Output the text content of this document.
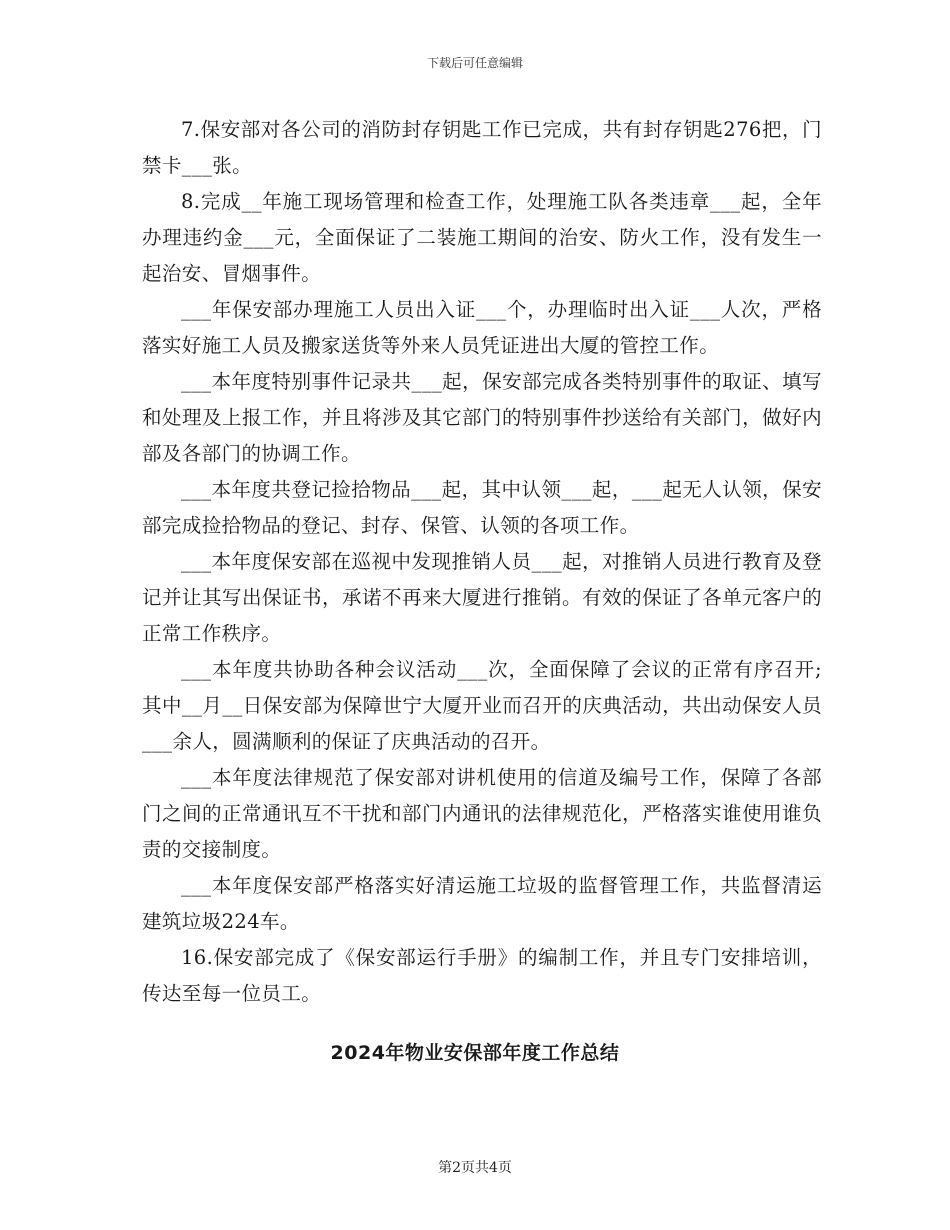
下载后可任意编辑

7.保安部对各公司的消防封存钥匙工作已完成，共有封存钥匙276把，门禁卡___张。

8.完成__年施工现场管理和检查工作，处理施工队各类违章___起，全年办理违约金___元，全面保证了二装施工期间的治安、防火工作，没有发生一起治安、冒烟事件。

___年保安部办理施工人员出入证___个，办理临时出入证___人次，严格落实好施工人员及搬家送货等外来人员凭证进出大厦的管控工作。

___本年度特别事件记录共___起，保安部完成各类特别事件的取证、填写和处理及上报工作，并且将涉及其它部门的特别事件抄送给有关部门，做好内部及各部门的协调工作。

___本年度共登记捡拾物品___起，其中认领___起，___起无人认领，保安部完成捡拾物品的登记、封存、保管、认领的各项工作。

___本年度保安部在巡视中发现推销人员___起，对推销人员进行教育及登记并让其写出保证书，承诺不再来大厦进行推销。有效的保证了各单元客户的正常工作秩序。

___本年度共协助各种会议活动___次，全面保障了会议的正常有序召开;其中__月__日保安部为保障世宁大厦开业而召开的庆典活动，共出动保安人员___余人，圆满顺利的保证了庆典活动的召开。

___本年度法律规范了保安部对讲机使用的信道及编号工作，保障了各部门之间的正常通讯互不干扰和部门内通讯的法律规范化，严格落实谁使用谁负责的交接制度。

___本年度保安部严格落实好清运施工垃圾的监督管理工作，共监督清运建筑垃圾224车。

16.保安部完成了《保安部运行手册》的编制工作，并且专门安排培训，传达至每一位员工。

2024年物业安保部年度工作总结
第2页共4页
